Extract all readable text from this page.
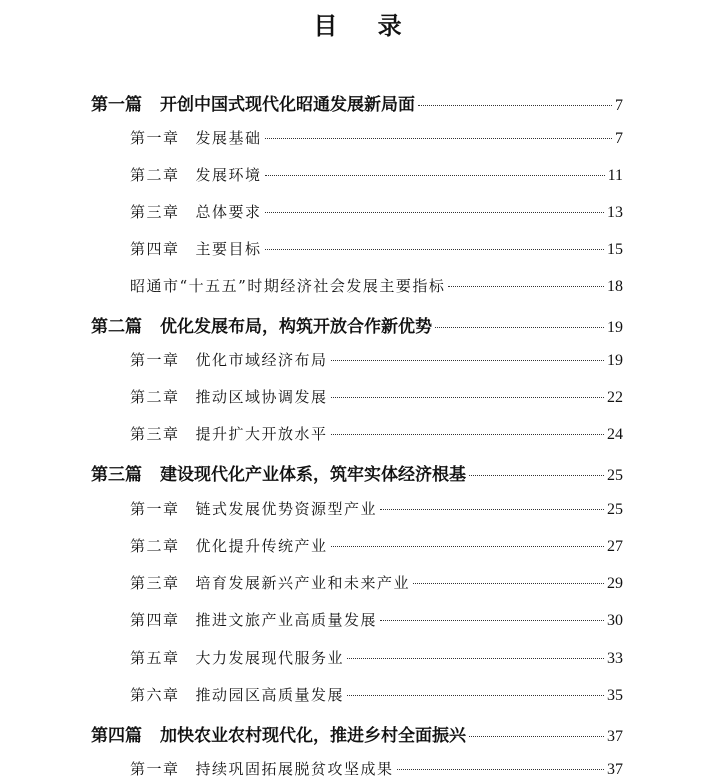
目 录
第一篇 开创中国式现代化昭通发展新局面	7
第一章 发展基础	7
第二章 发展环境	11
第三章 总体要求	13
第四章 主要目标	15
昭通市“十五五”时期经济社会发展主要指标	18
第二篇 优化发展布局，构筑开放合作新优势	19
第一章 优化市域经济布局	19
第二章 推动区域协调发展	22
第三章 提升扩大开放水平	24
第三篇 建设现代化产业体系，筑牢实体经济根基	25
第一章 链式发展优势资源型产业	25
第二章 优化提升传统产业	27
第三章 培育发展新兴产业和未来产业	29
第四章 推进文旅产业高质量发展	30
第五章 大力发展现代服务业	33
第六章 推动园区高质量发展	35
第四篇 加快农业农村现代化，推进乡村全面振兴	37
第一章 持续巩固拓展脱贫攻坚成果	37
